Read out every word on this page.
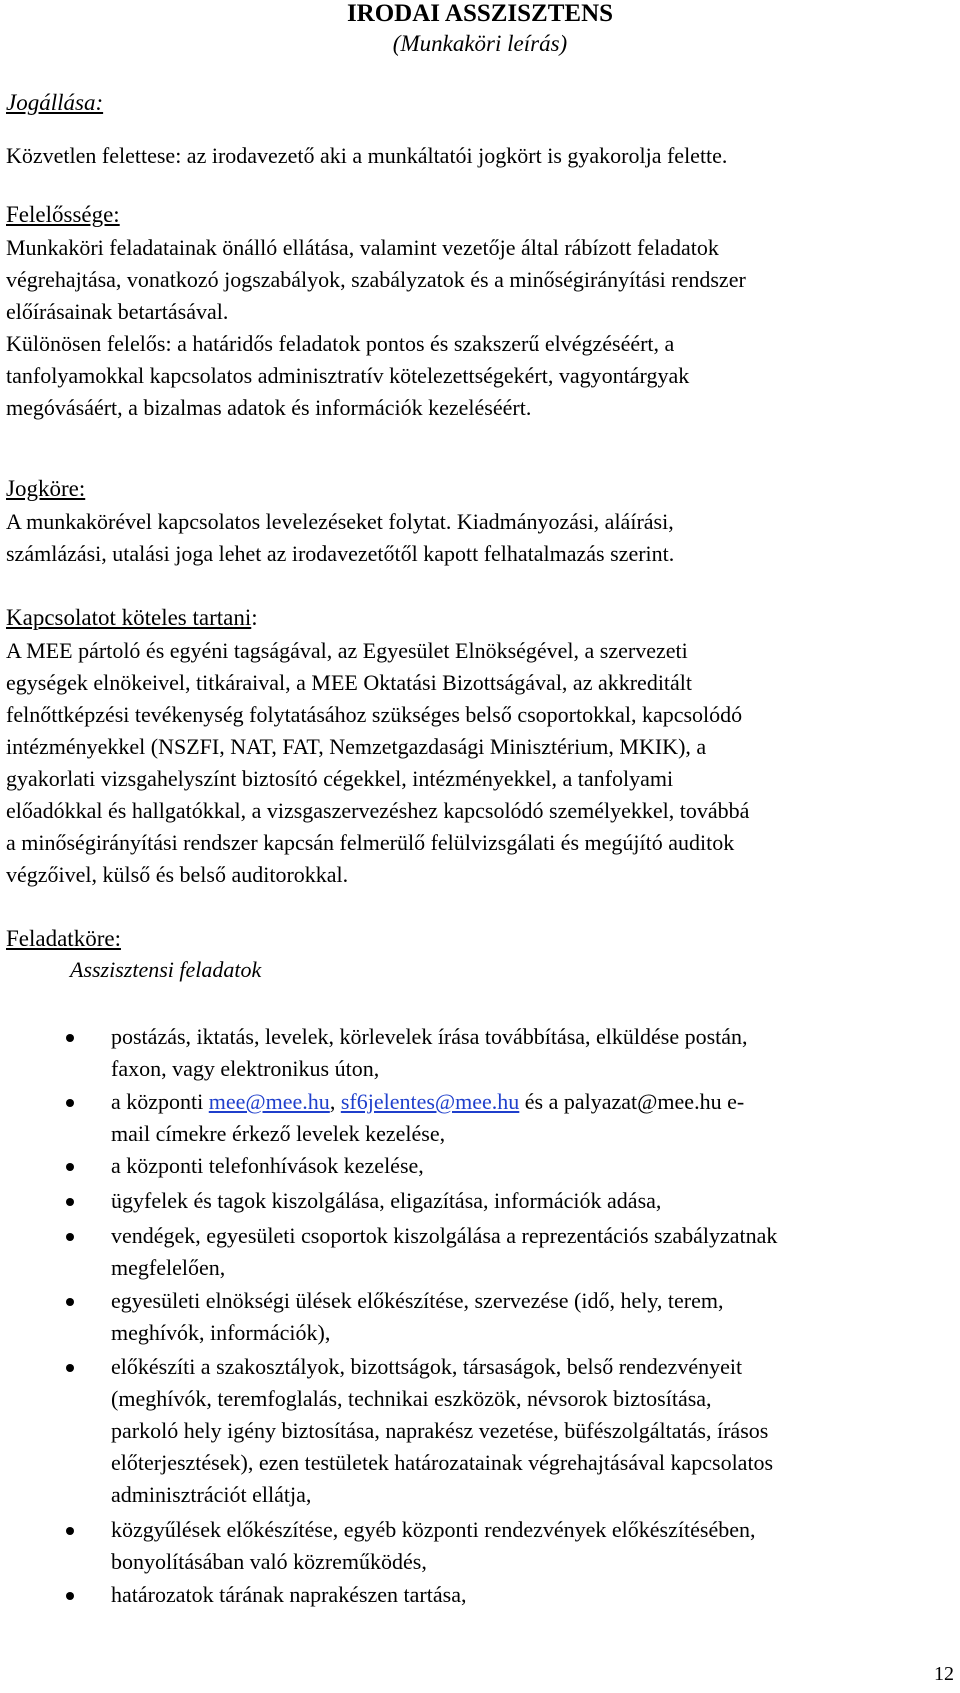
IRODAI ASSZISZTENS
(Munkaköri leírás)
Jogállása:
Közvetlen felettese: az irodavezető aki a munkáltatói jogkört is gyakorolja felette.
Felelőssége:
Munkaköri feladatainak önálló ellátása, valamint vezetője által rábízott feladatok
végrehajtása, vonatkozó jogszabályok, szabályzatok és a minőségirányítási rendszer
előírásainak betartásával.
Különösen felelős: a határidős feladatok pontos és szakszerű elvégzéséért, a
tanfolyamokkal kapcsolatos adminisztratív kötelezettségekért, vagyontárgyak
megóvásáért, a bizalmas adatok és információk kezeléséért.
Jogköre:
A munkakörével kapcsolatos levelezéseket folytat. Kiadmányozási, aláírási,
számlázási, utalási joga lehet az irodavezetőtől kapott felhatalmazás szerint.
Kapcsolatot köteles tartani:
A MEE pártoló és egyéni tagságával, az Egyesület Elnökségével, a szervezeti
egységek elnökeivel, titkáraival, a MEE Oktatási Bizottságával, az akkreditált
felnőttképzési tevékenység folytatásához szükséges belső csoportokkal, kapcsolódó
intézményekkel (NSZFI, NAT, FAT, Nemzetgazdasági Minisztérium, MKIK), a
gyakorlati vizsgahelyszínt biztosító cégekkel, intézményekkel, a tanfolyami
előadókkal és hallgatókkal, a vizsgaszervezéshez kapcsolódó személyekkel, továbbá
a minőségirányítási rendszer kapcsán felmerülő felülvizsgálati és megújító auditok
végzőivel, külső és belső auditorokkal.
Feladatköre:
Asszisztensi feladatok
postázás, iktatás, levelek, körlevelek írása továbbítása, elküldése postán,
faxon, vagy elektronikus úton,
a központi mee@mee.hu, sf6jelentes@mee.hu és a palyazat@mee.hu e-
mail címekre érkező levelek kezelése,
a központi telefonhívások kezelése,
ügyfelek és tagok kiszolgálása, eligazítása, információk adása,
vendégek, egyesületi csoportok kiszolgálása a reprezentációs szabályzatnak
megfelelően,
egyesületi elnökségi ülések előkészítése, szervezése (idő, hely, terem,
meghívók, információk),
előkészíti a szakosztályok, bizottságok, társaságok, belső rendezvényeit
(meghívók, teremfoglalás, technikai eszközök, névsorok biztosítása,
parkoló hely igény biztosítása, naprakész vezetése, büfészolgáltatás, írásos
előterjesztések), ezen testületek határozatainak végrehajtásával kapcsolatos
adminisztrációt ellátja,
közgyűlések előkészítése, egyéb központi rendezvények előkészítésében,
bonyolításában való közreműködés,
határozatok tárának naprakészen tartása,
12
